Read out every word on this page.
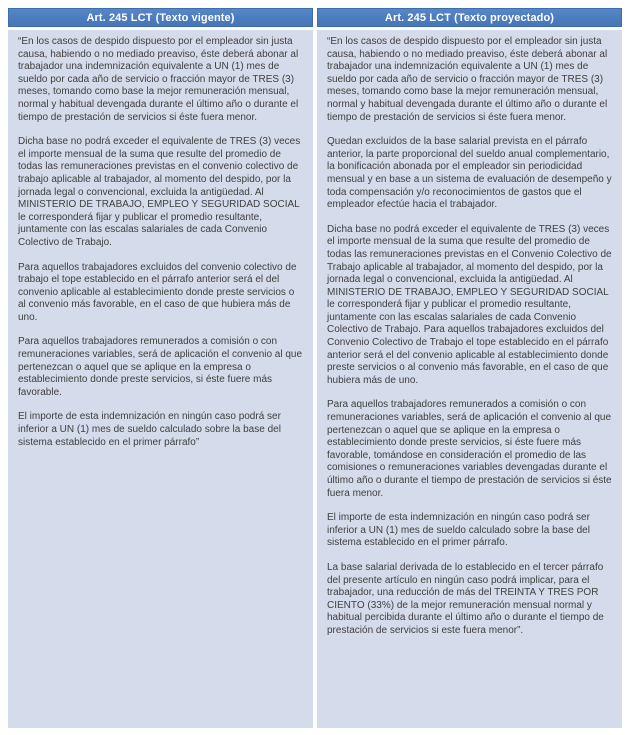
Art. 245 LCT (Texto vigente)	Art. 245 LCT (Texto proyectado)

“En los casos de despido dispuesto por el empleador sin justa causa, habiendo o no mediado preaviso, éste deberá abonar al trabajador una indemnización equivalente a UN (1) mes de sueldo por cada año de servicio o fracción mayor de TRES (3) meses, tomando como base la mejor remuneración mensual, normal y habitual devengada durante el último año o durante el tiempo de prestación de servicios si éste fuera menor.

Dicha base no podrá exceder el equivalente de TRES (3) veces el importe mensual de la suma que resulte del promedio de todas las remuneraciones previstas en el convenio colectivo de trabajo aplicable al trabajador, al momento del despido, por la jornada legal o convencional, excluida la antigüedad. Al MINISTERIO DE TRABAJO, EMPLEO Y SEGURIDAD SOCIAL le corresponderá fijar y publicar el promedio resultante, juntamente con las escalas salariales de cada Convenio Colectivo de Trabajo.

Para aquellos trabajadores excluidos del convenio colectivo de trabajo el tope establecido en el párrafo anterior será el del convenio aplicable al establecimiento donde preste servicios o al convenio más favorable, en el caso de que hubiera más de uno.

Para aquellos trabajadores remunerados a comisión o con remuneraciones variables, será de aplicación el convenio al que pertenezcan o aquel que se aplique en la empresa o establecimiento donde preste servicios, si éste fuere más favorable.

El importe de esta indemnización en ningún caso podrá ser inferior a UN (1) mes de sueldo calculado sobre la base del sistema establecido en el primer párrafo”

“En los casos de despido dispuesto por el empleador sin justa causa, habiendo o no mediado preaviso, éste deberá abonar al trabajador una indemnización equivalente a UN (1) mes de sueldo por cada año de servicio o fracción mayor de TRES (3) meses, tomando como base la mejor remuneración mensual, normal y habitual devengada durante el último año o durante el tiempo de prestación de servicios si éste fuera menor.

Quedan excluidos de la base salarial prevista en el párrafo anterior, la parte proporcional del sueldo anual complementario, la bonificación abonada por el empleador sin periodicidad mensual y en base a un sistema de evaluación de desempeño y toda compensación y/o reconocimientos de gastos que el empleador efectúe hacia el trabajador.

Dicha base no podrá exceder el equivalente de TRES (3) veces el importe mensual de la suma que resulte del promedio de todas las remuneraciones previstas en el Convenio Colectivo de Trabajo aplicable al trabajador, al momento del despido, por la jornada legal o convencional, excluida la antigüedad. Al MINISTERIO DE TRABAJO, EMPLEO Y SEGURIDAD SOCIAL le corresponderá fijar y publicar el promedio resultante, juntamente con las escalas salariales de cada Convenio Colectivo de Trabajo. Para aquellos trabajadores excluidos del Convenio Colectivo de Trabajo el tope establecido en el párrafo anterior será el del convenio aplicable al establecimiento donde preste servicios o al convenio más favorable, en el caso de que hubiera más de uno.

Para aquellos trabajadores remunerados a comisión o con remuneraciones variables, será de aplicación el convenio al que pertenezcan o aquel que se aplique en la empresa o establecimiento donde preste servicios, si éste fuere más favorable, tomándose en consideración el promedio de las comisiones o remuneraciones variables devengadas durante el último año o durante el tiempo de prestación de servicios si éste fuera menor.

El importe de esta indemnización en ningún caso podrá ser inferior a UN (1) mes de sueldo calculado sobre la base del sistema establecido en el primer párrafo.

La base salarial derivada de lo establecido en el tercer párrafo del presente artículo en ningún caso podrá implicar, para el trabajador, una reducción de más del TREINTA Y TRES POR CIENTO (33%) de la mejor remuneración mensual normal y habitual percibida durante el último año o durante el tiempo de prestación de servicios si este fuera menor”.
